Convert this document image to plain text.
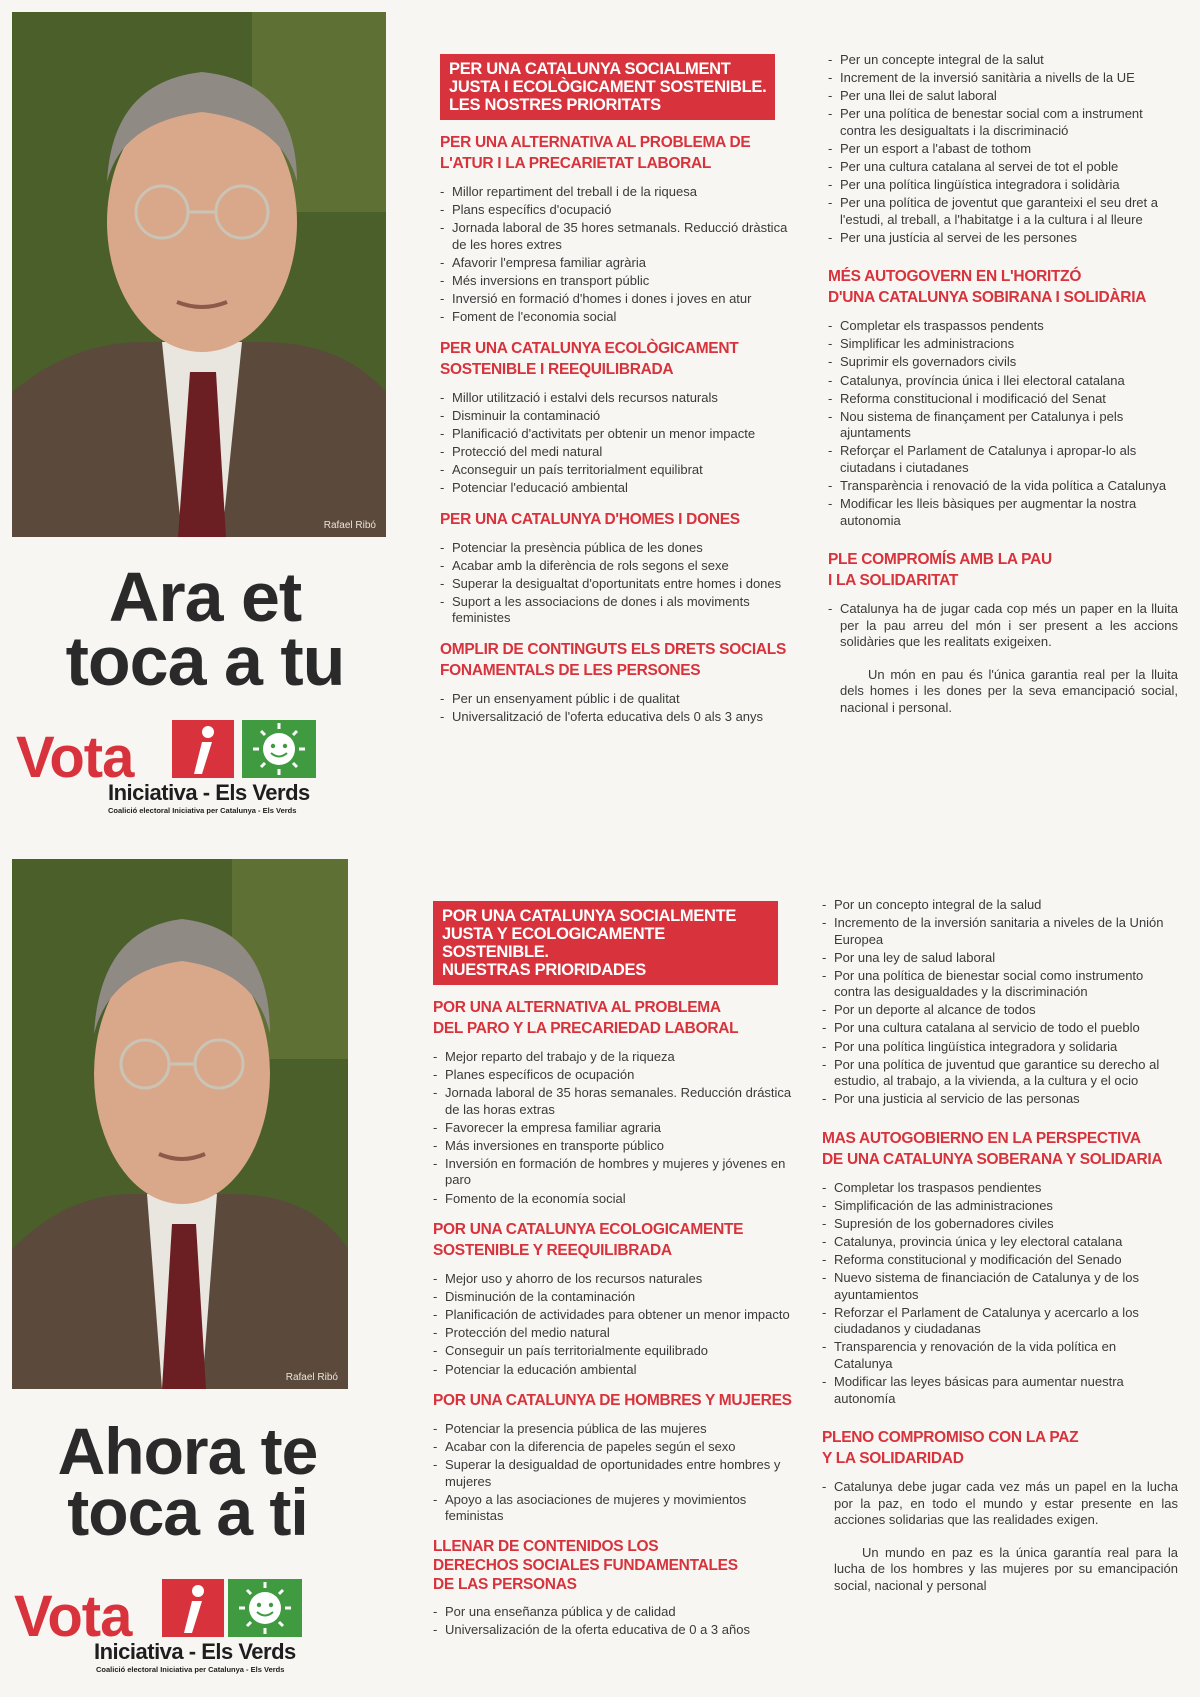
Rafael Ribó
Ara et
toca a tu
Vota
Iniciativa - Els Verds
Coalició electoral Iniciativa per Catalunya - Els Verds
PER UNA CATALUNYA SOCIALMENT
JUSTA I ECOLÒGICAMENT SOSTENIBLE.
LES NOSTRES PRIORITATS
PER UNA ALTERNATIVA AL PROBLEMA DE
L'ATUR I LA PRECARIETAT LABORAL
- Millor repartiment del treball i de la riquesa
- Plans específics d'ocupació
- Jornada laboral de 35 hores setmanals. Reducció dràstica de les hores extres
- Afavorir l'empresa familiar agrària
- Més inversions en transport públic
- Inversió en formació d'homes i dones i joves en atur
- Foment de l'economia social
PER UNA CATALUNYA ECOLÒGICAMENT
SOSTENIBLE I REEQUILIBRADA
- Millor utilització i estalvi dels recursos naturals
- Disminuir la contaminació
- Planificació d'activitats per obtenir un menor impacte
- Protecció del medi natural
- Aconseguir un país territorialment equilibrat
- Potenciar l'educació ambiental
PER UNA CATALUNYA D'HOMES I DONES
- Potenciar la presència pública de les dones
- Acabar amb la diferència de rols segons el sexe
- Superar la desigualtat d'oportunitats entre homes i dones
- Suport a les associacions de dones i als moviments feministes
OMPLIR DE CONTINGUTS ELS DRETS SOCIALS
FONAMENTALS DE LES PERSONES
- Per un ensenyament públic i de qualitat
- Universalització de l'oferta educativa dels 0 als 3 anys
- Per un concepte integral de la salut
- Increment de la inversió sanitària a nivells de la UE
- Per una llei de salut laboral
- Per una política de benestar social com a instrument contra les desigualtats i la discriminació
- Per un esport a l'abast de tothom
- Per una cultura catalana al servei de tot el poble
- Per una política lingüística integradora i solidària
- Per una política de joventut que garanteixi el seu dret a l'estudi, al treball, a l'habitatge i a la cultura i al lleure
- Per una justícia al servei de les persones
MÉS AUTOGOVERN EN L'HORITZÓ
D'UNA CATALUNYA SOBIRANA I SOLIDÀRIA
- Completar els traspassos pendents
- Simplificar les administracions
- Suprimir els governadors civils
- Catalunya, província única i llei electoral catalana
- Reforma constitucional i modificació del Senat
- Nou sistema de finançament per Catalunya i pels ajuntaments
- Reforçar el Parlament de Catalunya i apropar-lo als ciutadans i ciutadanes
- Transparència i renovació de la vida política a Catalunya
- Modificar les lleis bàsiques per augmentar la nostra autonomia
PLE COMPROMÍS AMB LA PAU
I LA SOLIDARITAT
- Catalunya ha de jugar cada cop més un paper en la lluita per la pau arreu del món i ser present a les accions solidàries que les realitats exigeixen.

Un món en pau és l'única garantia real per la lluita dels homes i les dones per la seva emancipació social, nacional i personal.

Rafael Ribó
Ahora te
toca a ti
Vota
Iniciativa - Els Verds
Coalició electoral Iniciativa per Catalunya - Els Verds
POR UNA CATALUNYA SOCIALMENTE
JUSTA Y ECOLOGICAMENTE SOSTENIBLE.
NUESTRAS PRIORIDADES
POR UNA ALTERNATIVA AL PROBLEMA
DEL PARO Y LA PRECARIEDAD LABORAL
- Mejor reparto del trabajo y de la riqueza
- Planes específicos de ocupación
- Jornada laboral de 35 horas semanales. Reducción drástica de las horas extras
- Favorecer la empresa familiar agraria
- Más inversiones en transporte público
- Inversión en formación de hombres y mujeres y jóvenes en paro
- Fomento de la economía social
POR UNA CATALUNYA ECOLOGICAMENTE
SOSTENIBLE Y REEQUILIBRADA
- Mejor uso y ahorro de los recursos naturales
- Disminución de la contaminación
- Planificación de actividades para obtener un menor impacto
- Protección del medio natural
- Conseguir un país territorialmente equilibrado
- Potenciar la educación ambiental
POR UNA CATALUNYA DE HOMBRES Y MUJERES
- Potenciar la presencia pública de las mujeres
- Acabar con la diferencia de papeles según el sexo
- Superar la desigualdad de oportunidades entre hombres y mujeres
- Apoyo a las asociaciones de mujeres y movimientos feministas
LLENAR DE CONTENIDOS LOS
DERECHOS SOCIALES FUNDAMENTALES
DE LAS PERSONAS
- Por una enseñanza pública y de calidad
- Universalización de la oferta educativa de 0 a 3 años
- Por un concepto integral de la salud
- Incremento de la inversión sanitaria a niveles de la Unión Europea
- Por una ley de salud laboral
- Por una política de bienestar social como instrumento contra las desigualdades y la discriminación
- Por un deporte al alcance de todos
- Por una cultura catalana al servicio de todo el pueblo
- Por una política lingüística integradora y solidaria
- Por una política de juventud que garantice su derecho al estudio, al trabajo, a la vivienda, a la cultura y el ocio
- Por una justicia al servicio de las personas
MAS AUTOGOBIERNO EN LA PERSPECTIVA
DE UNA CATALUNYA SOBERANA Y SOLIDARIA
- Completar los traspasos pendientes
- Simplificación de las administraciones
- Supresión de los gobernadores civiles
- Catalunya, provincia única y ley electoral catalana
- Reforma constitucional y modificación del Senado
- Nuevo sistema de financiación de Catalunya y de los ayuntamientos
- Reforzar el Parlament de Catalunya y acercarlo a los ciudadanos y ciudadanas
- Transparencia y renovación de la vida política en Catalunya
- Modificar las leyes básicas para aumentar nuestra autonomía
PLENO COMPROMISO CON LA PAZ
Y LA SOLIDARIDAD
- Catalunya debe jugar cada vez más un papel en la lucha por la paz, en todo el mundo y estar presente en las acciones solidarias que las realidades exigen.

Un mundo en paz es la única garantía real para la lucha de los hombres y las mujeres por su emancipación social, nacional y personal
